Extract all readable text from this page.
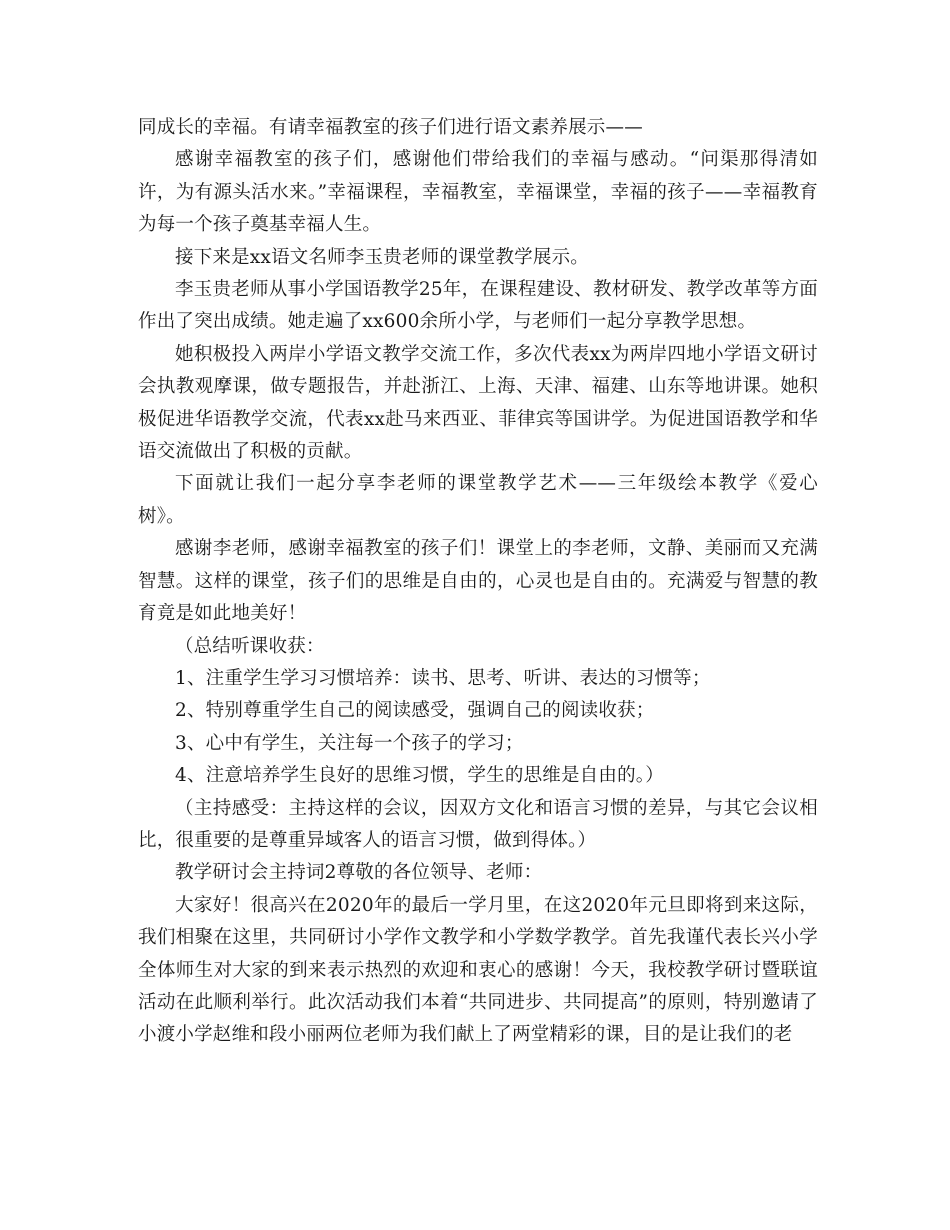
同成长的幸福。有请幸福教室的孩子们进行语文素养展示——

感谢幸福教室的孩子们，感谢他们带给我们的幸福与感动。“问渠那得清如许，为有源头活水来。”幸福课程，幸福教室，幸福课堂，幸福的孩子——幸福教育为每一个孩子奠基幸福人生。

接下来是xx语文名师李玉贵老师的课堂教学展示。

李玉贵老师从事小学国语教学25年，在课程建设、教材研发、教学改革等方面作出了突出成绩。她走遍了xx600余所小学，与老师们一起分享教学思想。

她积极投入两岸小学语文教学交流工作，多次代表xx为两岸四地小学语文研讨会执教观摩课，做专题报告，并赴浙江、上海、天津、福建、山东等地讲课。她积极促进华语教学交流，代表xx赴马来西亚、菲律宾等国讲学。为促进国语教学和华语交流做出了积极的贡献。

下面就让我们一起分享李老师的课堂教学艺术——三年级绘本教学《爱心树》。

感谢李老师，感谢幸福教室的孩子们！课堂上的李老师，文静、美丽而又充满智慧。这样的课堂，孩子们的思维是自由的，心灵也是自由的。充满爱与智慧的教育竟是如此地美好！

（总结听课收获：

1、注重学生学习习惯培养：读书、思考、听讲、表达的习惯等；

2、特别尊重学生自己的阅读感受，强调自己的阅读收获；

3、心中有学生，关注每一个孩子的学习；

4、注意培养学生良好的思维习惯，学生的思维是自由的。）

（主持感受：主持这样的会议，因双方文化和语言习惯的差异，与其它会议相比，很重要的是尊重异域客人的语言习惯，做到得体。）

教学研讨会主持词2尊敬的各位领导、老师：

大家好！很高兴在2020年的最后一学月里，在这2020年元旦即将到来这际，我们相聚在这里，共同研讨小学作文教学和小学数学教学。首先我谨代表长兴小学全体师生对大家的到来表示热烈的欢迎和衷心的感谢！今天，我校教学研讨暨联谊活动在此顺利举行。此次活动我们本着“共同进步、共同提高”的原则，特别邀请了小渡小学赵维和段小丽两位老师为我们献上了两堂精彩的课，目的是让我们的老
